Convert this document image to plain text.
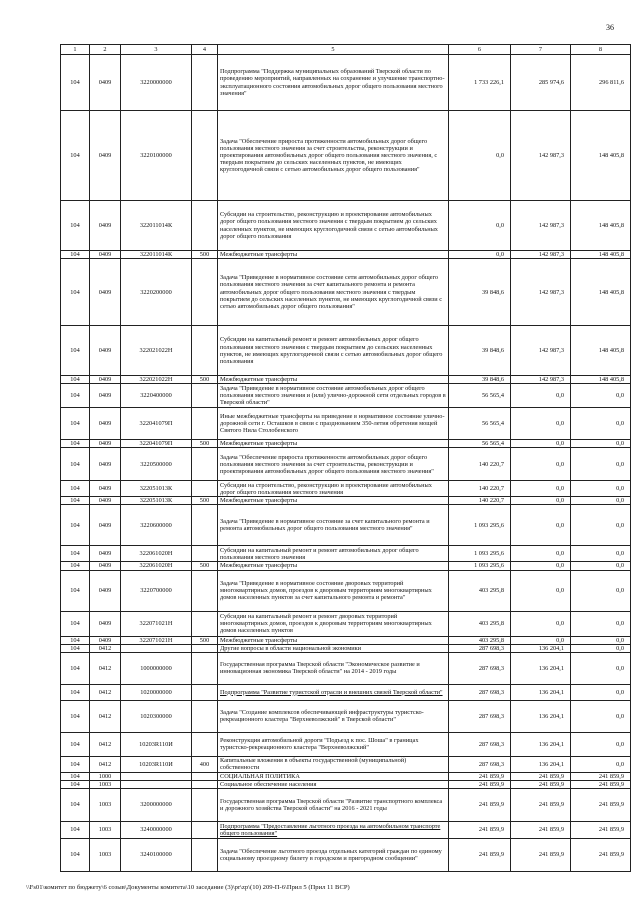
36
1	2	3	4	5	6	7	8
104	0409	3220000000		Подпрограмма "Поддержка муниципальных образований Тверской области по проведению мероприятий, направленных на сохранение и улучшение транспортно-эксплуатационного состояния автомобильных дорог общего пользования местного значения"	1 733 226,1	285 974,6	296 811,6
104	0409	3220100000		Задача "Обеспечение прироста протяженности автомобильных дорог общего пользования местного значения за счет строительства, реконструкции и проектирования автомобильных дорог общего пользования местного значения, с твердым покрытием до сельских населенных пунктов, не имеющих круглогодичной связи с сетью автомобильных дорог общего пользования"	0,0	142 987,3	148 405,8
104	0409	322011014К		Субсидии на строительство, реконструкцию и проектирование автомобильных дорог общего пользования местного значения с твердым покрытием до сельских населенных пунктов, не имеющих круглогодичной связи с сетью автомобильных дорог общего пользования	0,0	142 987,3	148 405,8
104	0409	322011014К	500	Межбюджетные трансферты	0,0	142 987,3	148 405,8
104	0409	3220200000		Задача "Приведение в нормативное состояние сети автомобильных дорог общего пользования местного значения за счет капитального ремонта и ремонта автомобильных дорог общего пользования местного значения с твердым покрытием до сельских населенных пунктов, не имеющих круглогодичной связи с сетью автомобильных дорог общего пользования"	39 848,6	142 987,3	148 405,8
104	0409	322021022Н		Субсидии на капитальный ремонт и ремонт автомобильных дорог общего пользования местного значения с твердым покрытием до сельских населенных пунктов, не имеющих круглогодичной связи с сетью автомобильных дорог общего пользования	39 848,6	142 987,3	148 405,8
104	0409	322021022Н	500	Межбюджетные трансферты	39 848,6	142 987,3	148 405,8
104	0409	3220400000		Задача "Приведение в нормативное состояние автомобильных дорог общего пользования местного значения и (или) улично-дорожной сети отдельных городов в Тверской области"	56 565,4	0,0	0,0
104	0409	322041079П		Иные межбюджетные трансферты на приведение в нормативное состояние улично-дорожной сети г. Осташков в связи с празднованием 350-летия обретения мощей Святого Нила Столобенского	56 565,4	0,0	0,0
104	0409	322041079П	500	Межбюджетные трансферты	56 565,4	0,0	0,0
104	0409	3220500000		Задача "Обеспечение прироста протяженности автомобильных дорог общего пользования местного значения за счет строительства, реконструкции и проектирования автомобильных дорог общего пользования местного значения"	140 220,7	0,0	0,0
104	0409	322051013К		Субсидии на строительство, реконструкцию и проектирование автомобильных дорог общего пользования местного значения	140 220,7	0,0	0,0
104	0409	322051013К	500	Межбюджетные трансферты	140 220,7	0,0	0,0
104	0409	3220600000		Задача "Приведение в нормативное состояние за счет капитального ремонта и ремонта автомобильных дорог общего пользования местного значения"	1 093 295,6	0,0	0,0
104	0409	322061020Н		Субсидии на капитальный ремонт и ремонт автомобильных дорог общего пользования местного значения	1 093 295,6	0,0	0,0
104	0409	322061020Н	500	Межбюджетные трансферты	1 093 295,6	0,0	0,0
104	0409	3220700000		Задача "Приведение в нормативное состояние дворовых территорий многоквартирных домов, проездов к дворовым территориям многоквартирных домов населенных пунктов за счет капитального ремонта и ремонта"	403 295,8	0,0	0,0
104	0409	322071021Н		Субсидии на капитальный ремонт и ремонт дворовых территорий многоквартирных домов, проездов к дворовым территориям многоквартирных домов населенных пунктов	403 295,8	0,0	0,0
104	0409	322071021Н	500	Межбюджетные трансферты	403 295,8	0,0	0,0
104	0412			Другие вопросы в области национальной экономики	287 698,3	136 204,1	0,0
104	0412	1000000000		Государственная программа Тверской области "Экономическое развитие и инновационная экономика Тверской области" на 2014 - 2019 годы	287 698,3	136 204,1	0,0
104	0412	1020000000		Подпрограмма "Развитие туристской отрасли и внешних связей Тверской области"	287 698,3	136 204,1	0,0
104	0412	1020300000		Задача "Создание комплексов обеспечивающей инфраструктуры туристско-рекреационного кластера "Верхневолжский" в Тверской области"	287 698,3	136 204,1	0,0
104	0412	10203R110И		Реконструкция автомобильной дороги "Подъезд к пос. Шоша" в границах туристско-рекреационного кластера "Верхневолжский"	287 698,3	136 204,1	0,0
104	0412	10203R110И	400	Капитальные вложения в объекты государственной (муниципальной) собственности	287 698,3	136 204,1	0,0
104	1000			СОЦИАЛЬНАЯ ПОЛИТИКА	241 859,9	241 859,9	241 859,9
104	1003			Социальное обеспечение населения	241 859,9	241 859,9	241 859,9
104	1003	3200000000		Государственная программа Тверской области "Развитие транспортного комплекса и дорожного хозяйства Тверской области" на 2016 - 2021 годы	241 859,9	241 859,9	241 859,9
104	1003	3240000000		Подпрограмма "Предоставление льготного проезда на автомобильном транспорте общего пользования"	241 859,9	241 859,9	241 859,9
104	1003	3240100000		Задача "Обеспечение льготного проезда отдельных категорий граждан по единому социальному проездному билету в городском и пригородном сообщении"	241 859,9	241 859,9	241 859,9
\\Fs01\комитет по бюджету\6 созыв\Документы комитета\10 заседание (3)\pr\zp\(10) 209-П-6\Прил 5 (Прил 11 ВСР)
